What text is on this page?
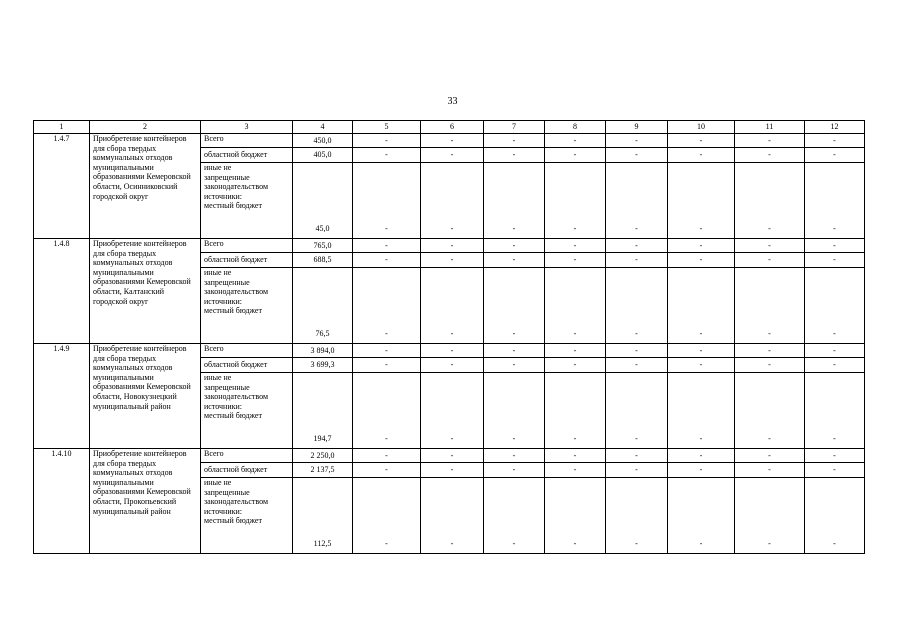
33
1	2	3	4	5	6	7	8	9	10	11	12
1.4.7	Приобретение контейнеров для сбора твердых коммунальных отходов муниципальными образованиями Кемеровской области, Осинниковский городской округ	Всего	450,0	-	-	-	-	-	-	-	-
		областной бюджет	405,0	-	-	-	-	-	-	-	-
		иные не
запрещенные
законодательством
источники:
местный бюджет	45,0	-	-	-	-	-	-	-	-
1.4.8	Приобретение контейнеров для сбора твердых коммунальных отходов муниципальными образованиями Кемеровской области, Калтанский городской округ	Всего	765,0	-	-	-	-	-	-	-	-
		областной бюджет	688,5	-	-	-	-	-	-	-	-
		иные не
запрещенные
законодательством
источники:
местный бюджет	76,5	-	-	-	-	-	-	-	-
1.4.9	Приобретение контейнеров для сбора твердых коммунальных отходов муниципальными образованиями Кемеровской области, Новокузнецкий муниципальный район	Всего	3 894,0	-	-	-	-	-	-	-	-
		областной бюджет	3 699,3	-	-	-	-	-	-	-	-
		иные не
запрещенные
законодательством
источники:
местный бюджет	194,7	-	-	-	-	-	-	-	-
1.4.10	Приобретение контейнеров для сбора твердых коммунальных отходов муниципальными образованиями Кемеровской области, Прокопьевский муниципальный район	Всего	2 250,0	-	-	-	-	-	-	-	-
		областной бюджет	2 137,5	-	-	-	-	-	-	-	-
		иные не
запрещенные
законодательством
источники:
местный бюджет	112,5	-	-	-	-	-	-	-	-
